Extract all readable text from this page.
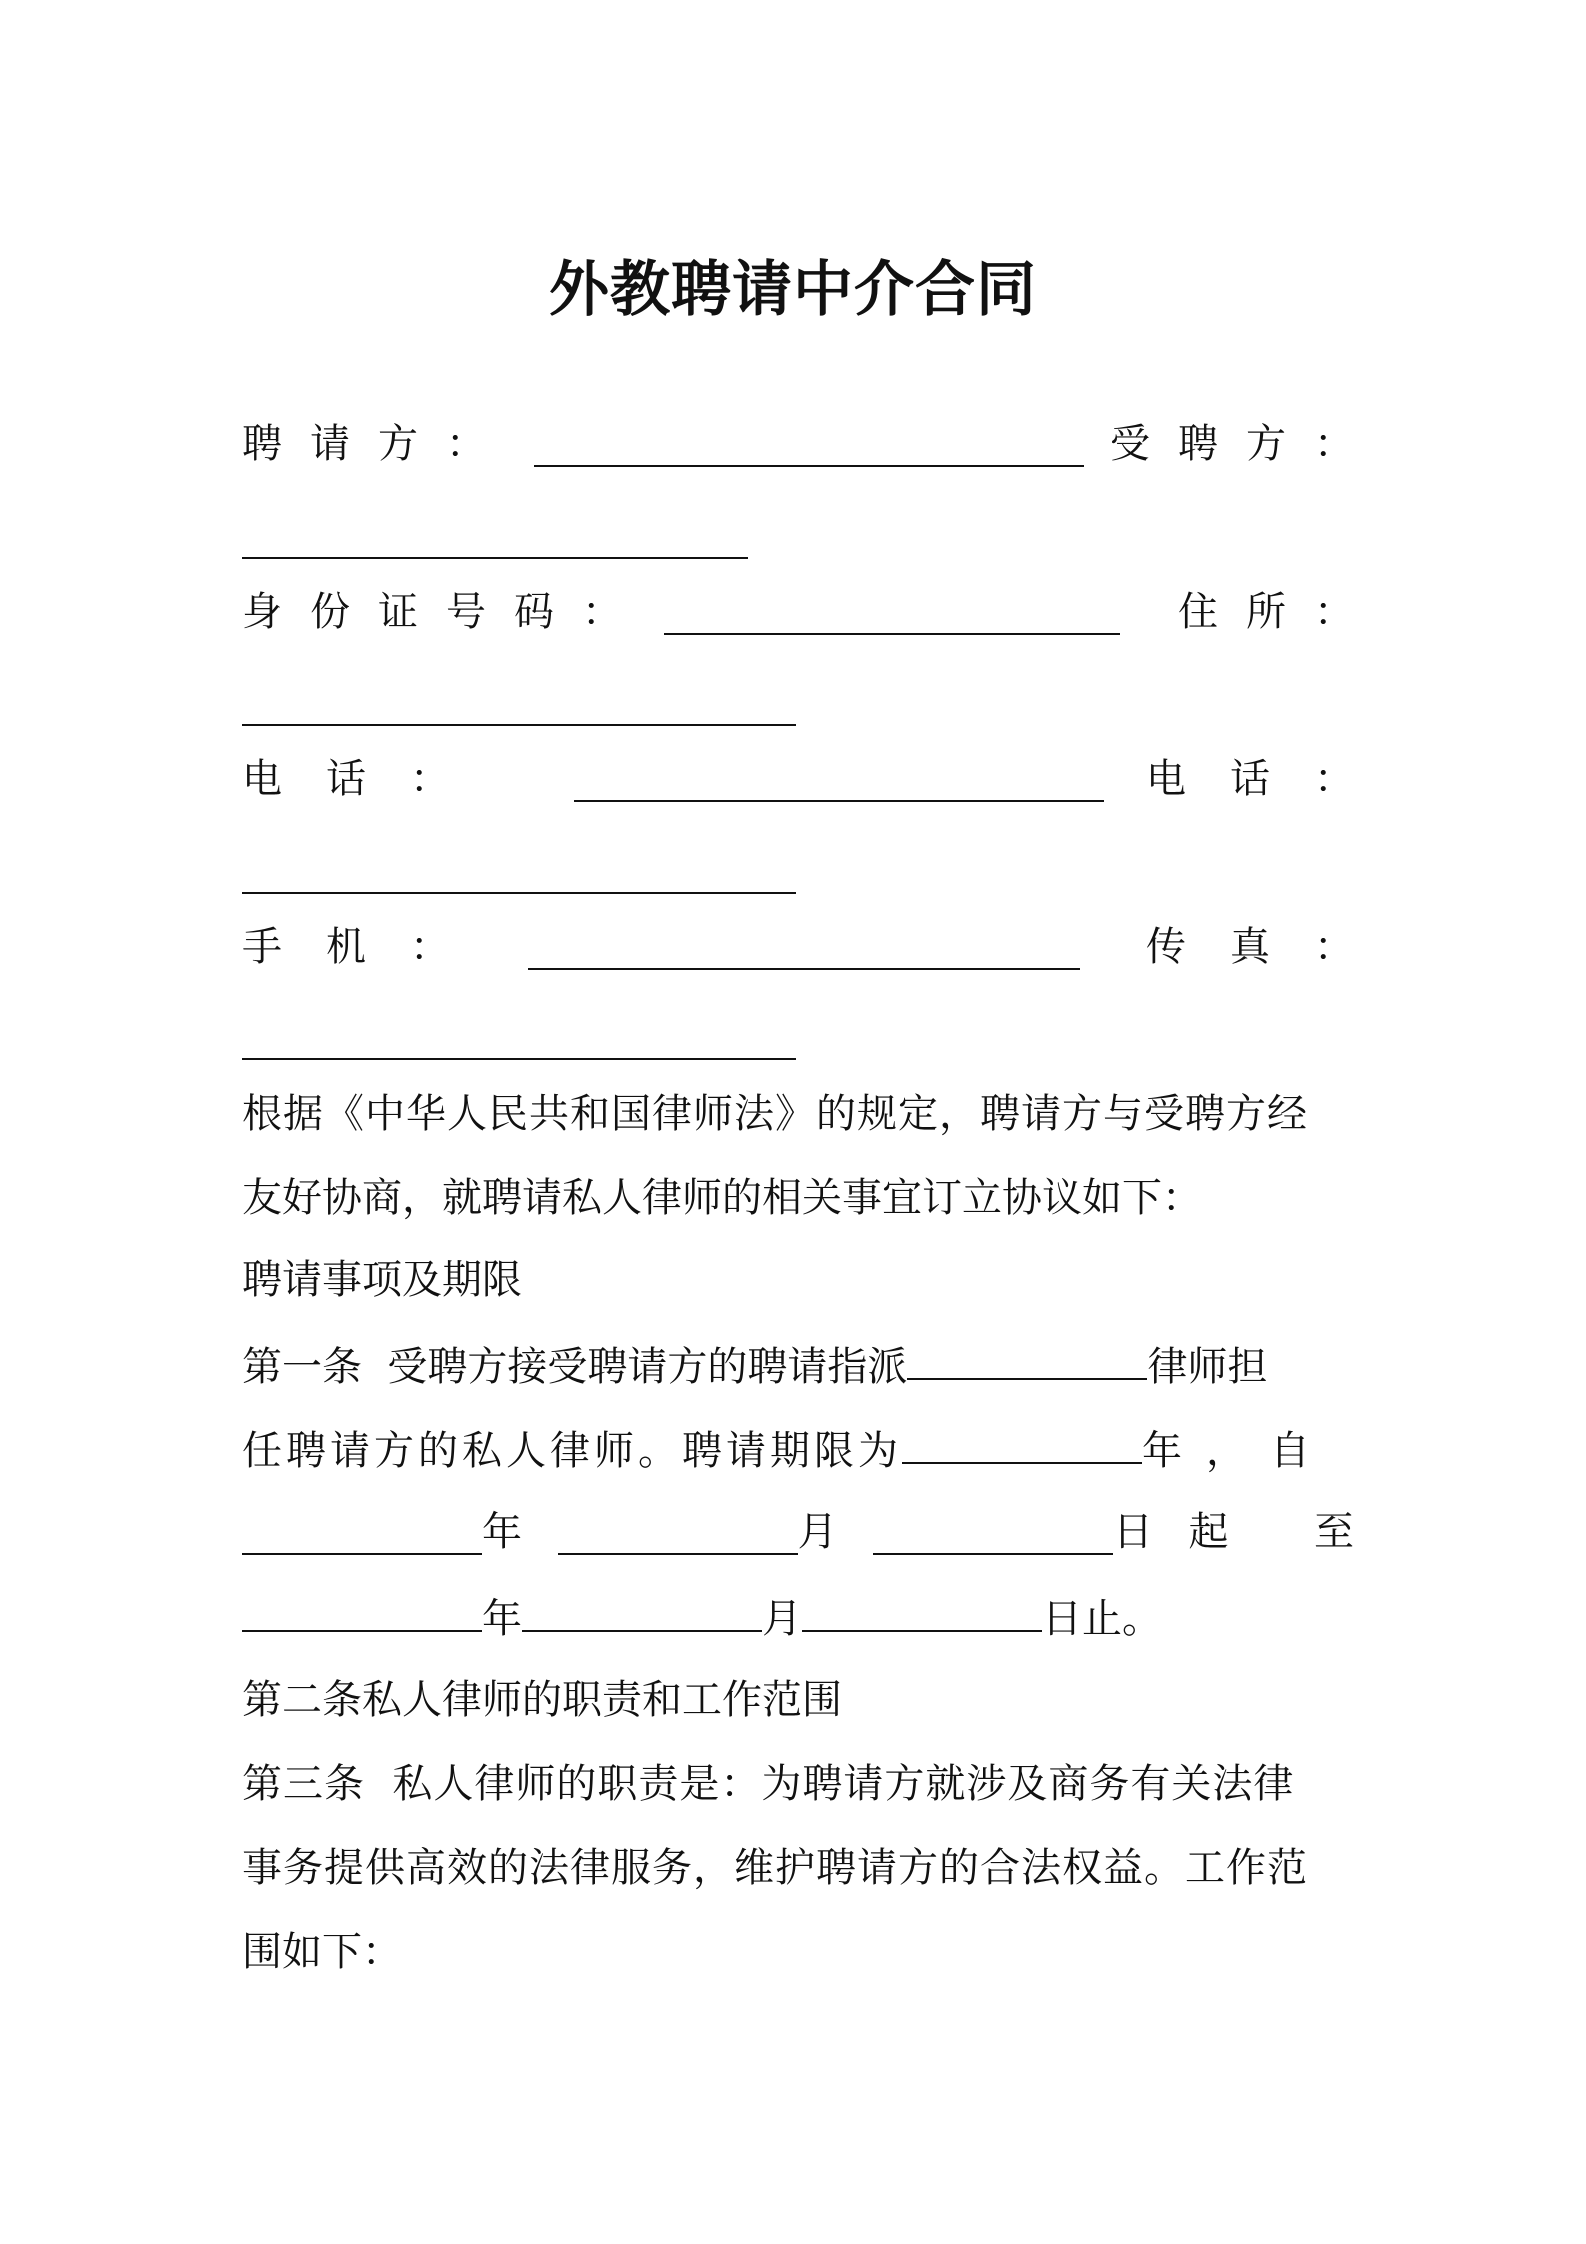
外教聘请中介合同
聘请方：	受聘方：
身份证号码：	住所：
电话：	电话：
手机：	传真：
根据《中华人民共和国律师法》的规定，聘请方与受聘方经
友好协商，就聘请私人律师的相关事宜订立协议如下：
聘请事项及期限
第一条  受聘方接受聘请方的聘请指派	律师担
任聘请方的私人律师。聘请期限为	年，自
年	月	日 起  至
年	月	日止。
第二条私人律师的职责和工作范围
第三条  私人律师的职责是：为聘请方就涉及商务有关法律
事务提供高效的法律服务，维护聘请方的合法权益。工作范
围如下：
